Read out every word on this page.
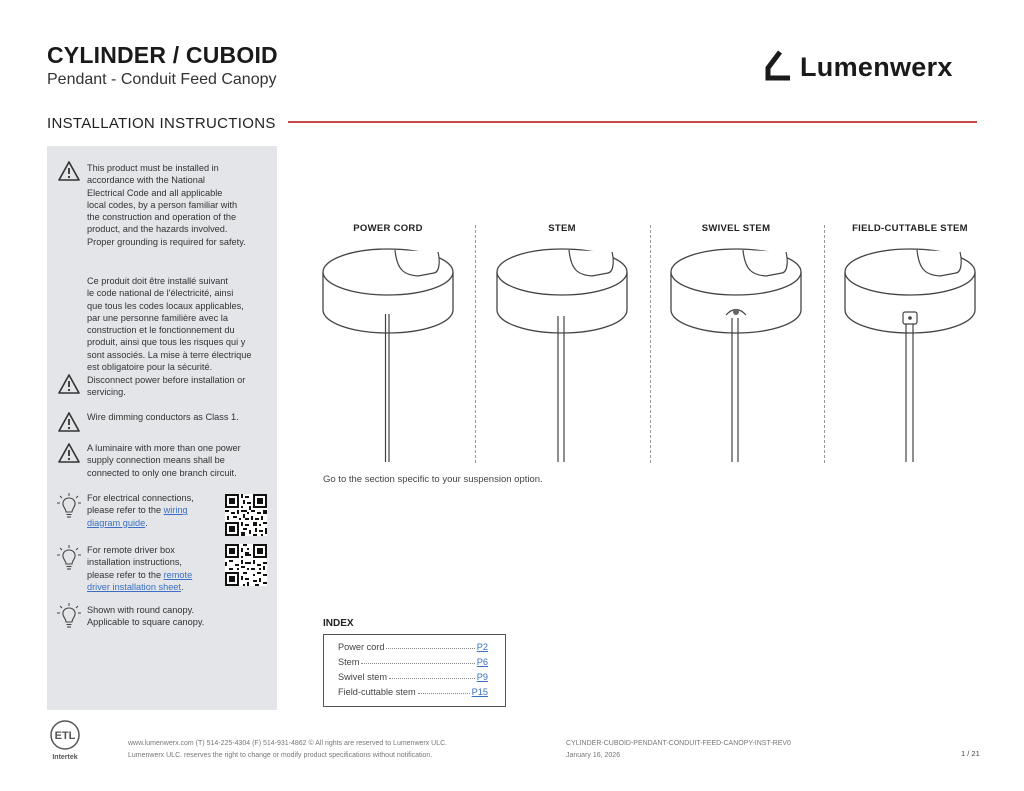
CYLINDER / CUBOID
Pendant - Conduit Feed Canopy	Lumenwerx
INSTALLATION INSTRUCTIONS
This product must be installed in
accordance with the National
Electrical Code and all applicable
local codes, by a person familiar with
the construction and operation of the
product, and the hazards involved.
Proper grounding is required for safety.
Ce produit doit être installé suivant
le code national de l'électricité, ainsi
que tous les codes locaux applicables,
par une personne familière avec la
construction et le fonctionnement du
produit, ainsi que tous les risques qui y
sont associés. La mise à terre électrique
est obligatoire pour la sécurité.
Disconnect power before installation or
servicing.
Wire dimming conductors as Class 1.
A luminaire with more than one power
supply connection means shall be
connected to only one branch circuit.
For electrical connections,
please refer to the wiring
diagram guide.
For remote driver box
installation instructions,
please refer to the remote
driver installation sheet.
Shown with round canopy.
Applicable to square canopy.
POWER CORD	STEM	SWIVEL STEM	FIELD-CUTTABLE STEM
Go to the section specific to your suspension option.
INDEX
Power cord	P2
Stem	P6
Swivel stem	P9
Field-cuttable stem	P15
ETL
Intertek
www.lumenwerx.com (T) 514-225-4304 (F) 514-931-4862 © All rights are reserved to Lumenwerx ULC.
Lumenwerx ULC. reserves the right to change or modify product specifications without notification.
CYLINDER-CUBOID-PENDANT-CONDUIT-FEED-CANOPY-INST-REV0
January 16, 2026	1 / 21
